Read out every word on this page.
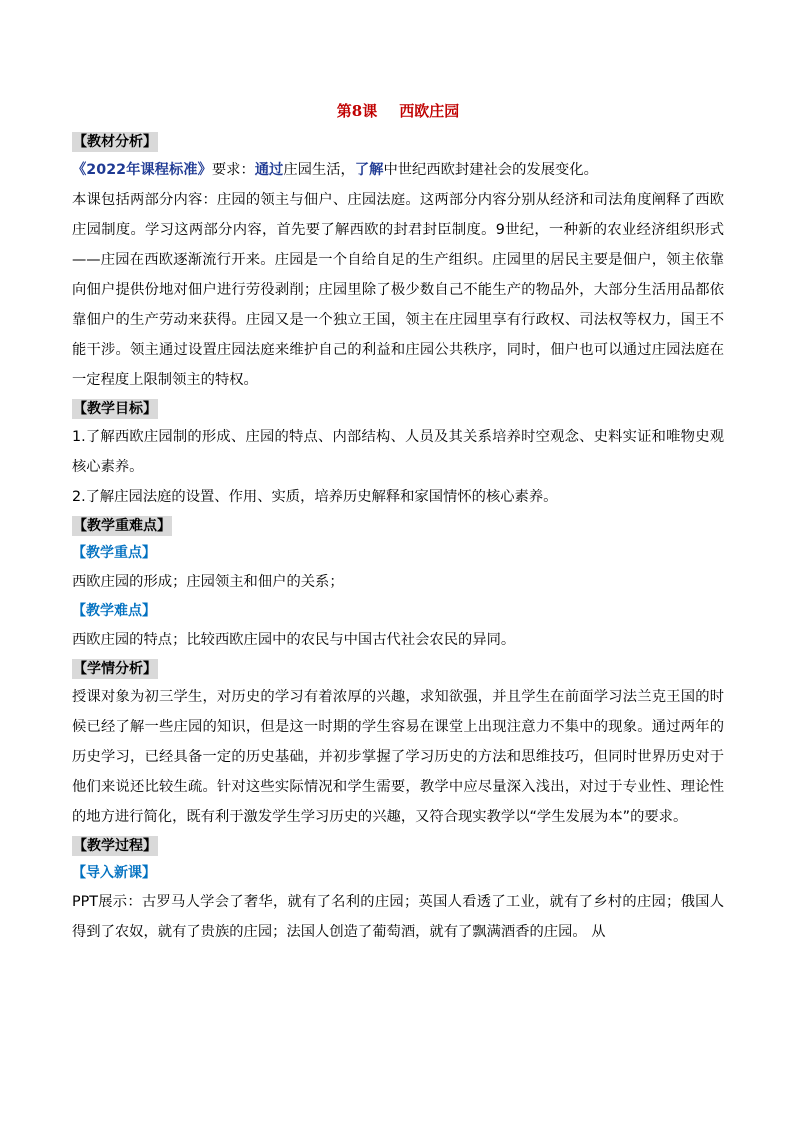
第8课 西欧庄园
【教材分析】

《2022年课程标准》要求：通过庄园生活，了解中世纪西欧封建社会的发展变化。

本课包括两部分内容：庄园的领主与佃户、庄园法庭。这两部分内容分别从经济和司法角度阐释了西欧庄园制度。学习这两部分内容，首先要了解西欧的封君封臣制度。9世纪，一种新的农业经济组织形式——庄园在西欧逐渐流行开来。庄园是一个自给自足的生产组织。庄园里的居民主要是佃户，领主依靠向佃户提供份地对佃户进行劳役剥削；庄园里除了极少数自己不能生产的物品外，大部分生活用品都依靠佃户的生产劳动来获得。庄园又是一个独立王国，领主在庄园里享有行政权、司法权等权力，国王不能干涉。领主通过设置庄园法庭来维护自己的利益和庄园公共秩序，同时，佃户也可以通过庄园法庭在一定程度上限制领主的特权。

【教学目标】

1.了解西欧庄园制的形成、庄园的特点、内部结构、人员及其关系培养时空观念、史料实证和唯物史观核心素养。

2.了解庄园法庭的设置、作用、实质，培养历史解释和家国情怀的核心素养。

【教学重难点】
【教学重点】

西欧庄园的形成；庄园领主和佃户的关系；

【教学难点】

西欧庄园的特点；比较西欧庄园中的农民与中国古代社会农民的异同。

【学情分析】

授课对象为初三学生，对历史的学习有着浓厚的兴趣，求知欲强，并且学生在前面学习法兰克王国的时候已经了解一些庄园的知识，但是这一时期的学生容易在课堂上出现注意力不集中的现象。通过两年的历史学习，已经具备一定的历史基础，并初步掌握了学习历史的方法和思维技巧，但同时世界历史对于他们来说还比较生疏。针对这些实际情况和学生需要，教学中应尽量深入浅出，对过于专业性、理论性的地方进行简化，既有利于激发学生学习历史的兴趣，又符合现实教学以“学生发展为本”的要求。

【教学过程】
【导入新课】

PPT展示：古罗马人学会了奢华，就有了名利的庄园；英国人看透了工业，就有了乡村的庄园；俄国人得到了农奴，就有了贵族的庄园；法国人创造了葡萄酒，就有了飘满酒香的庄园。 从
